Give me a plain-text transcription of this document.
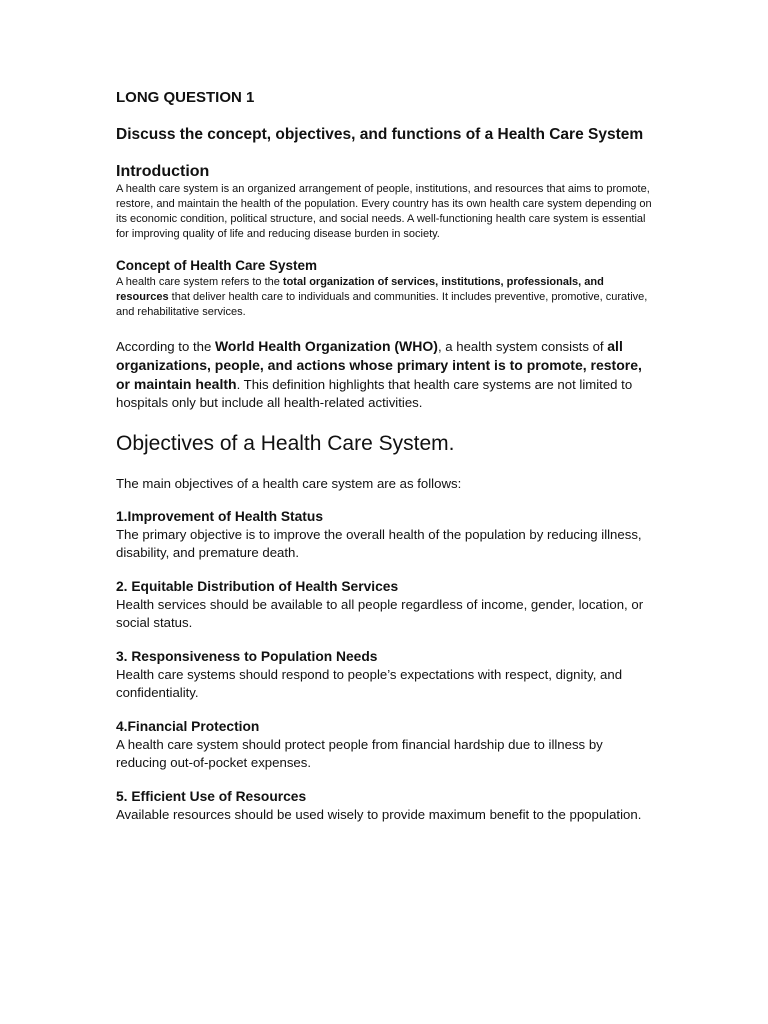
LONG QUESTION 1

Discuss the concept, objectives, and functions of a Health Care System

Introduction

A health care system is an organized arrangement of people, institutions, and resources that aims to promote, restore, and maintain the health of the population. Every country has its own health care system depending on its economic condition, political structure, and social needs. A well-functioning health care system is essential for improving quality of life and reducing disease burden in society.

Concept of Health Care System

A health care system refers to the total organization of services, institutions, professionals, and resources that deliver health care to individuals and communities. It includes preventive, promotive, curative, and rehabilitative services.

According to the World Health Organization (WHO), a health system consists of all organizations, people, and actions whose primary intent is to promote, restore, or maintain health. This definition highlights that health care systems are not limited to hospitals only but include all health-related activities.

Objectives of a Health Care System.

The main objectives of a health care system are as follows:

1.Improvement of Health Status

The primary objective is to improve the overall health of the population by reducing illness, disability, and premature death.

2. Equitable Distribution of Health Services

Health services should be available to all people regardless of income, gender, location, or social status.

3. Responsiveness to Population Needs

Health care systems should respond to people’s expectations with respect, dignity, and confidentiality.

4.Financial Protection

A health care system should protect people from financial hardship due to illness by reducing out-of-pocket expenses.

5. Efficient Use of Resources

Available resources should be used wisely to provide maximum benefit to the ppopulation.
